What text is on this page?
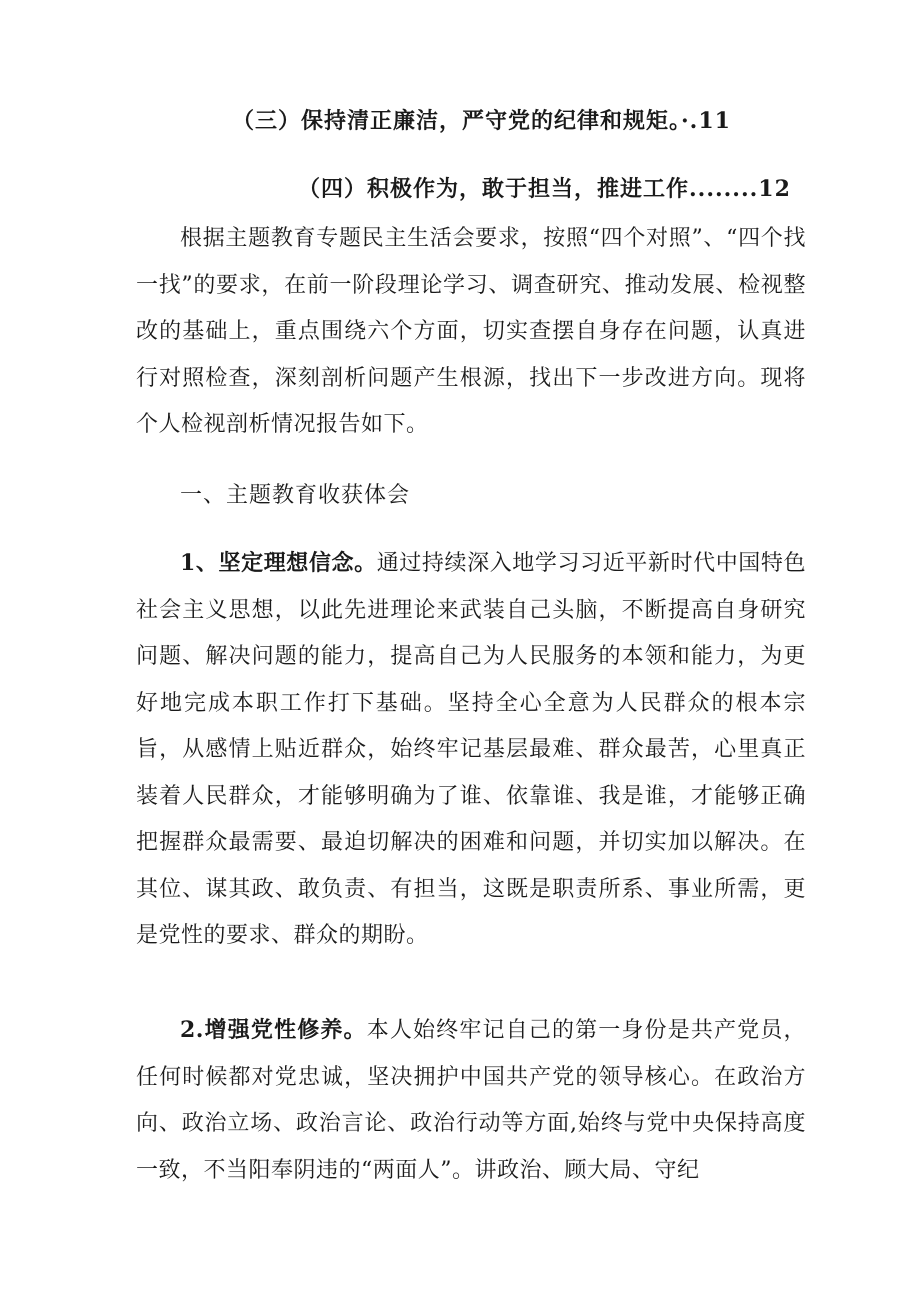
（三）保持清正廉洁，严守党的纪律和规矩。·.11
（四）积极作为，敢于担当，推进工作........12

根据主题教育专题民主生活会要求，按照“四个对照”、“四个找一找”的要求，在前一阶段理论学习、调查研究、推动发展、检视整改的基础上，重点围绕六个方面，切实查摆自身存在问题，认真进行对照检查，深刻剖析问题产生根源，找出下一步改进方向。现将个人检视剖析情况报告如下。

一、主题教育收获体会

1、坚定理想信念。通过持续深入地学习习近平新时代中国特色社会主义思想，以此先进理论来武装自己头脑，不断提高自身研究问题、解决问题的能力，提高自己为人民服务的本领和能力，为更好地完成本职工作打下基础。坚持全心全意为人民群众的根本宗旨，从感情上贴近群众，始终牢记基层最难、群众最苦，心里真正装着人民群众，才能够明确为了谁、依靠谁、我是谁，才能够正确把握群众最需要、最迫切解决的困难和问题，并切实加以解决。在其位、谋其政、敢负责、有担当，这既是职责所系、事业所需，更是党性的要求、群众的期盼。

2.增强党性修养。本人始终牢记自己的第一身份是共产党员，任何时候都对党忠诚，坚决拥护中国共产党的领导核心。在政治方向、政治立场、政治言论、政治行动等方面,始终与党中央保持高度一致，不当阳奉阴违的“两面人”。讲政治、顾大局、守纪
